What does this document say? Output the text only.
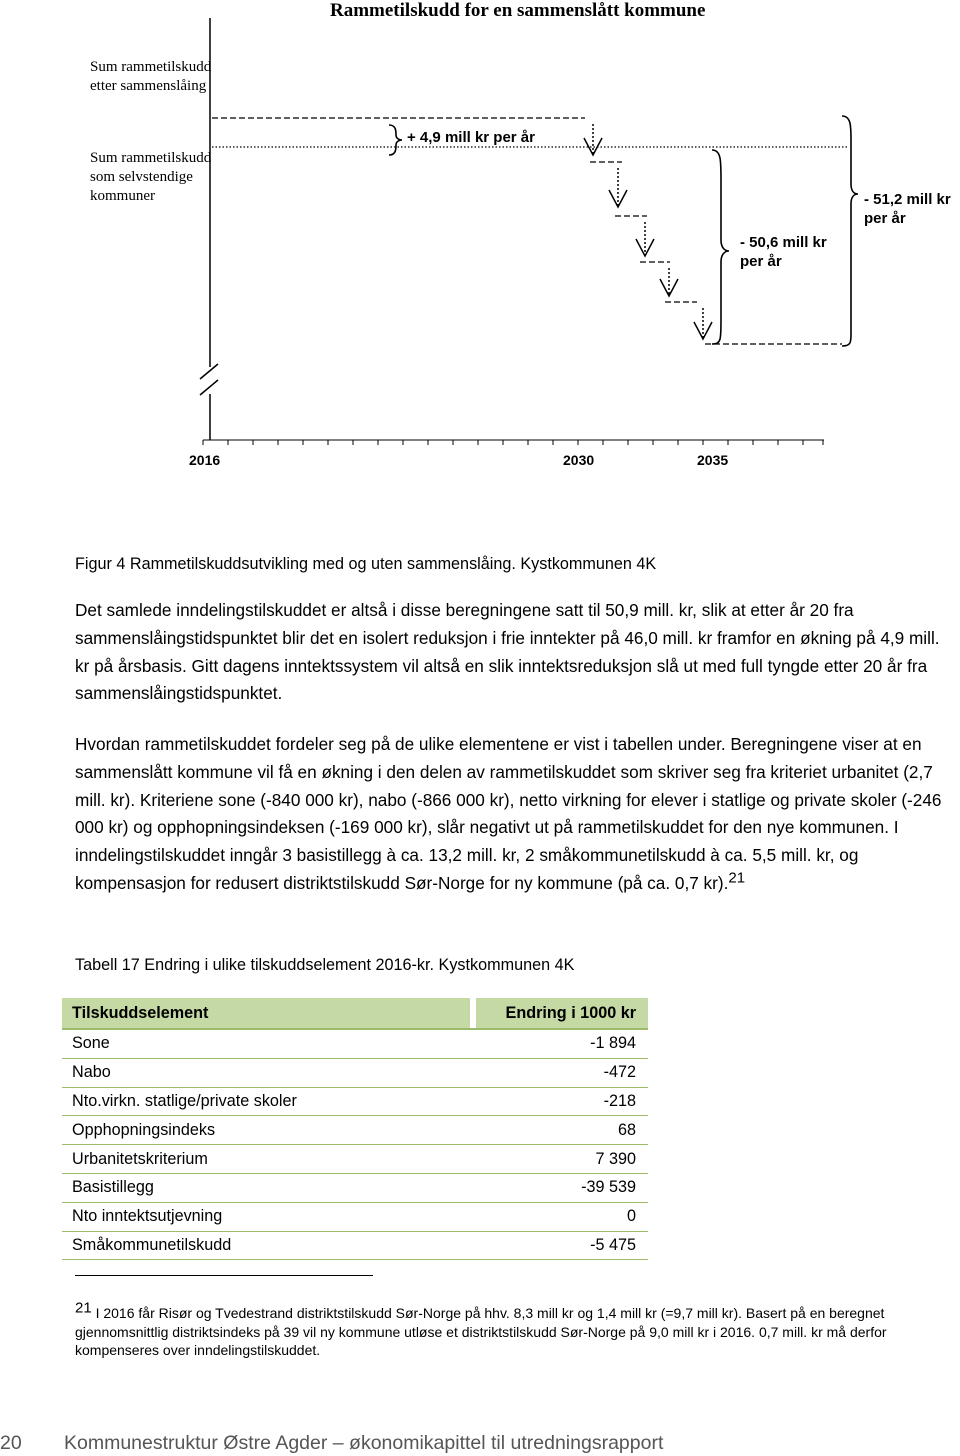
Rammetilskudd for en sammenslått kommune
Sum rammetilskudd etter sammenslåing
Sum rammetilskudd som selvstendige kommuner
+ 4,9 mill kr per år
- 50,6 mill kr per år
- 51,2 mill kr per år
2016	2030	2035
Figur 4 Rammetilskuddsutvikling med og uten sammenslåing. Kystkommunen 4K

Det samlede inndelingstilskuddet er altså i disse beregningene satt til 50,9 mill. kr, slik at etter år 20 fra sammenslåingstidspunktet blir det en isolert reduksjon i frie inntekter på 46,0 mill. kr framfor en økning på 4,9 mill. kr på årsbasis. Gitt dagens inntektssystem vil altså en slik inntektsreduksjon slå ut med full tyngde etter 20 år fra sammenslåingstidspunktet.

Hvordan rammetilskuddet fordeler seg på de ulike elementene er vist i tabellen under. Beregningene viser at en sammenslått kommune vil få en økning i den delen av rammetilskuddet som skriver seg fra kriteriet urbanitet (2,7 mill. kr). Kriteriene sone (-840 000 kr), nabo (-866 000 kr), netto virkning for elever i statlige og private skoler (-246 000 kr) og opphopningsindeksen (-169 000 kr), slår negativt ut på rammetilskuddet for den nye kommunen. I inndelingstilskuddet inngår 3 basistillegg à ca. 13,2 mill. kr, 2 småkommunetilskudd à ca. 5,5 mill. kr, og kompensasjon for redusert distriktstilskudd Sør-Norge for ny kommune (på ca. 0,7 kr).21

Tabell 17 Endring i ulike tilskuddselement 2016-kr. Kystkommunen 4K
Tilskuddselement		Endring i 1000 kr
Sone		-1 894
Nabo		-472
Nto.virkn. statlige/private skoler		-218
Opphopningsindeks		68
Urbanitetskriterium		7 390
Basistillegg		-39 539
Nto inntektsutjevning		0
Småkommunetilskudd		-5 475

21 I 2016 får Risør og Tvedestrand distriktstilskudd Sør-Norge på hhv. 8,3 mill kr og 1,4 mill kr (=9,7 mill kr). Basert på en beregnet gjennomsnittlig distriktsindeks på 39 vil ny kommune utløse et distriktstilskudd Sør-Norge på 9,0 mill kr i 2016. 0,7 mill. kr må derfor kompenseres over inndelingstilskuddet.

20 Kommunestruktur Østre Agder – økonomikapittel til utredningsrapport
